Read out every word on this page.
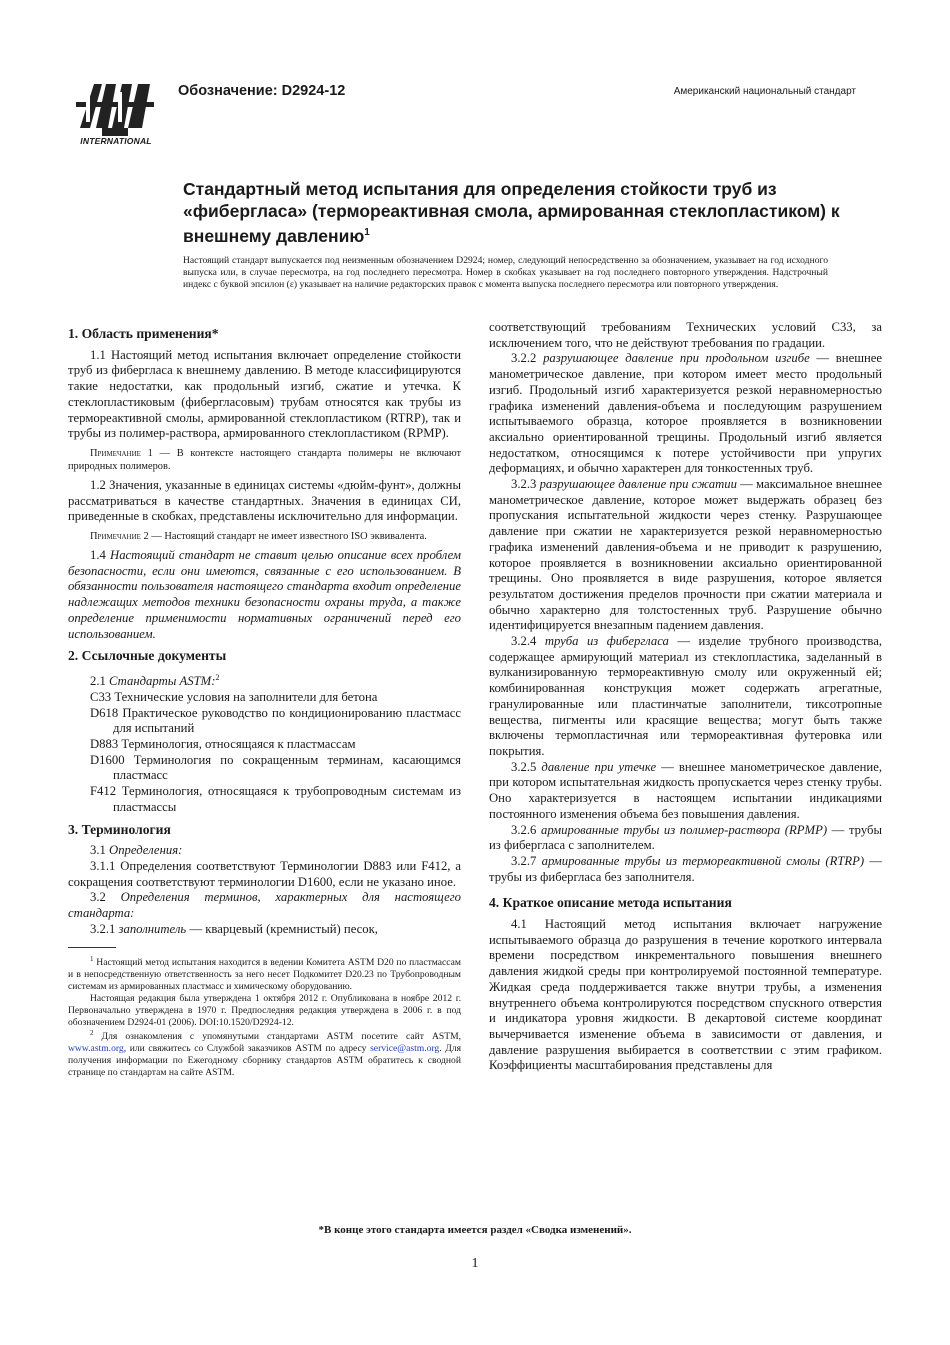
INTERNATIONAL
Обозначение: D2924-12	Американский национальный стандарт
Стандартный метод испытания для определения стойкости труб из «фибергласа» (термореактивная смола, армированная стеклопластиком) к внешнему давлению$^1$
Настоящий стандарт выпускается под неизменным обозначением D2924; номер, следующий непосредственно за обозначением, указывает на год исходного выпуска или, в случае пересмотра, на год последнего пересмотра. Номер в скобках указывает на год последнего повторного утверждения. Надстрочный индекс с буквой эпсилон (ε) указывает на наличие редакторских правок с момента выпуска последнего пересмотра или повторного утверждения.

1. Область применения*

1.1 Настоящий метод испытания включает определение стойкости труб из фибергласа к внешнему давлению. В методе классифицируются такие недостатки, как продольный изгиб, сжатие и утечка. К стеклопластиковым (фибергласовым) трубам относятся как трубы из термореактивной смолы, армированной стеклопластиком (RTRP), так и трубы из полимер-раствора, армированного стеклопластиком (RPMP).

Примечание 1 — В контексте настоящего стандарта полимеры не включают природных полимеров.

1.2 Значения, указанные в единицах системы «дюйм-фунт», должны рассматриваться в качестве стандартных. Значения в единицах СИ, приведенные в скобках, представлены исключительно для информации.

Примечание 2 — Настоящий стандарт не имеет известного ISO эквивалента.

1.4 Настоящий стандарт не ставит целью описание всех проблем безопасности, если они имеются, связанные с его использованием. В обязанности пользователя настоящего стандарта входит определение надлежащих методов техники безопасности охраны труда, а также определение применимости нормативных ограничений перед его использованием.

2. Ссылочные документы

2.1 Стандарты ASTM:$^2$

C33 Технические условия на заполнители для бетона

D618 Практическое руководство по кондиционированию пластмасс для испытаний

D883 Терминология, относящаяся к пластмассам

D1600 Терминология по сокращенным терминам, касающимся пластмасс

F412 Терминология, относящаяся к трубопроводным системам из пластмассы

3. Терминология

3.1 Определения:

3.1.1 Определения соответствуют Терминологии D883 или F412, а сокращения соответствуют терминологии D1600, если не указано иное.

3.2 Определения терминов, характерных для настоящего стандарта:

3.2.1 заполнитель — кварцевый (кремнистый) песок,

$^1$ Настоящий метод испытания находится в ведении Комитета ASTM D20 по пластмассам и в непосредственную ответственность за него несет Подкомитет D20.23 по Трубопроводным системам из армированных пластмасс и химическому оборудованию.

Настоящая редакция была утверждена 1 октября 2012 г. Опубликована в ноябре 2012 г. Первоначально утверждена в 1970 г. Предпоследняя редакция утверждена в 2006 г. в под обозначением D2924-01 (2006). DOI:10.1520/D2924-12.

$^2$ Для ознакомления с упомянутыми стандартами ASTM посетите сайт ASTM, www.astm.org, или свяжитесь со Службой заказчиков ASTM по адресу service@astm.org. Для получения информации по Ежегодному сборнику стандартов ASTM обратитесь к сводной странице по стандартам на сайте ASTM.

соответствующий требованиям Технических условий C33, за исключением того, что не действуют требования по градации.

3.2.2 разрушающее давление при продольном изгибе — внешнее манометрическое давление, при котором имеет место продольный изгиб. Продольный изгиб характеризуется резкой неравномерностью графика изменений давления-объема и последующим разрушением испытываемого образца, которое проявляется в возникновении аксиально ориентированной трещины. Продольный изгиб является недостатком, относящимся к потере устойчивости при упругих деформациях, и обычно характерен для тонкостенных труб.

3.2.3 разрушающее давление при сжатии — максимальное внешнее манометрическое давление, которое может выдержать образец без пропускания испытательной жидкости через стенку. Разрушающее давление при сжатии не характеризуется резкой неравномерностью графика изменений давления-объема и не приводит к разрушению, которое проявляется в возникновении аксиально ориентированной трещины. Оно проявляется в виде разрушения, которое является результатом достижения пределов прочности при сжатии материала и обычно характерно для толстостенных труб. Разрушение обычно идентифицируется внезапным падением давления.

3.2.4 труба из фибергласа — изделие трубного производства, содержащее армирующий материал из стеклопластика, заделанный в вулканизированную термореактивную смолу или окруженный ей; комбинированная конструкция может содержать агрегатные, гранулированные или пластинчатые заполнители, тиксотропные вещества, пигменты или красящие вещества; могут быть также включены термопластичная или термореактивная футеровка или покрытия.

3.2.5 давление при утечке — внешнее манометрическое давление, при котором испытательная жидкость пропускается через стенку трубы. Оно характеризуется в настоящем испытании индикациями постоянного изменения объема без повышения давления.

3.2.6 армированные трубы из полимер-раствора (RPMP) — трубы из фибергласа с заполнителем.

3.2.7 армированные трубы из термореактивной смолы (RTRP) — трубы из фибергласа без заполнителя.

4. Краткое описание метода испытания

4.1 Настоящий метод испытания включает нагружение испытываемого образца до разрушения в течение короткого интервала времени посредством инкрементального повышения внешнего давления жидкой среды при контролируемой постоянной температуре. Жидкая среда поддерживается также внутри трубы, а изменения внутреннего объема контролируются посредством спускного отверстия и индикатора уровня жидкости. В декартовой системе координат вычерчивается изменение объема в зависимости от давления, и давление разрушения выбирается в соответствии с этим графиком. Коэффициенты масштабирования представлены для

*В конце этого стандарта имеется раздел «Сводка изменений».
1
